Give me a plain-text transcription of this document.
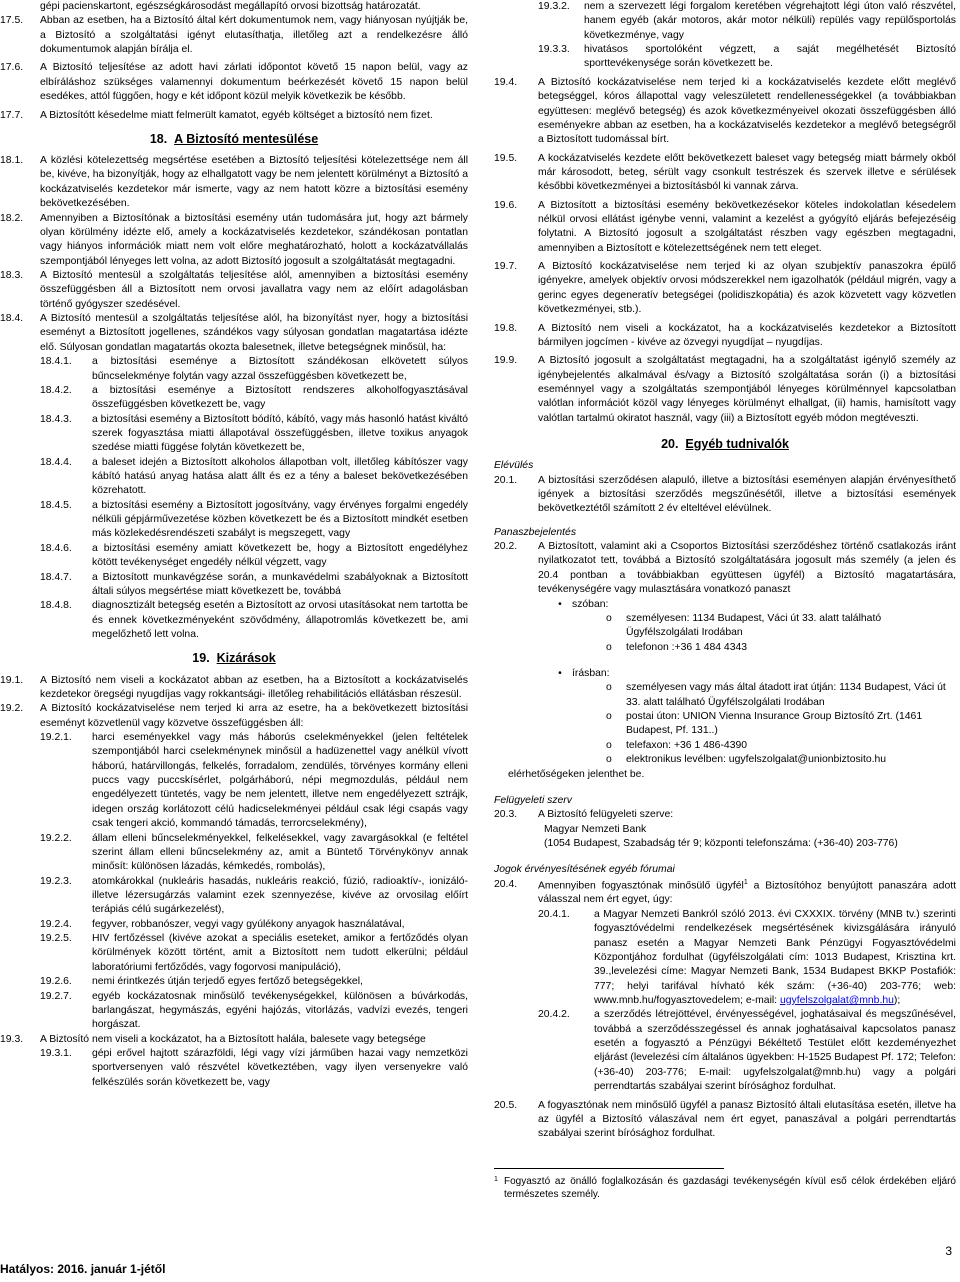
gépi pacienskartont, egészségkárosodást megállapító orvosi bizottság határozatát.
17.5.	Abban az esetben, ha a Biztosító által kért dokumentumok nem, vagy hiányosan nyújtják be, a Biztosító a szolgáltatási igényt elutasíthatja, illetőleg azt a rendelkezésre álló dokumentumok alapján bírálja el.
17.6.	A Biztosító teljesítése az adott havi zárlati időpontot követő 15 napon belül, vagy az elbíráláshoz szükséges valamennyi dokumentum beérkezését követő 15 napon belül esedékes, attól függően, hogy e két időpont közül melyik következik be később.
17.7.	A Biztosítótt késedelme miatt felmerült kamatot, egyéb költséget a biztosító nem fizet.
18. A Biztosító mentesülése
18.1.	A közlési kötelezettség megsértése esetében a Biztosító teljesítési kötelezettsége nem áll be, kivéve, ha bizonyítják, hogy az elhallgatott vagy be nem jelentett körülményt a Biztosító a kockázatviselés kezdetekor már ismerte, vagy az nem hatott közre a biztosítási esemény bekövetkezésében.
18.2.	Amennyiben a Biztosítónak a biztosítási esemény után tudomására jut, hogy azt bármely olyan körülmény idézte elő, amely a kockázatviselés kezdetekor, szándékosan pontatlan vagy hiányos információk miatt nem volt előre meghatározható, holott a kockázatvállalás szempontjából lényeges lett volna, az adott Biztosító jogosult a szolgáltatását megtagadni.
18.3.	A Biztosító mentesül a szolgáltatás teljesítése alól, amennyiben a biztosítási esemény összefüggésben áll a Biztosított nem orvosi javallatra vagy nem az előírt adagolásban történő gyógyszer szedésével.
18.4.	A Biztosító mentesül a szolgáltatás teljesítése alól, ha bizonyítást nyer, hogy a biztosítási eseményt a Biztosított jogellenes, szándékos vagy súlyosan gondatlan magatartása idézte elő. Súlyosan gondatlan magatartás okozta balesetnek, illetve betegségnek minősül, ha:
18.4.1.	a biztosítási eseménye a Biztosított szándékosan elkövetett súlyos bűncselekménye folytán vagy azzal összefüggésben következett be,
18.4.2.	a biztosítási eseménye a Biztosított rendszeres alkoholfogyasztásával összefüggésben következett be, vagy
18.4.3.	a biztosítási esemény a Biztosított bódító, kábító, vagy más hasonló hatást kiváltó szerek fogyasztása miatti állapotával összefüggésben, illetve toxikus anyagok szedése miatti függése folytán következett be,
18.4.4.	a baleset idején a Biztosított alkoholos állapotban volt, illetőleg kábítószer vagy kábító hatású anyag hatása alatt állt és ez a tény a baleset bekövetkezésében közrehatott.
18.4.5.	a biztosítási esemény a Biztosított jogosítvány, vagy érvényes forgalmi engedély nélküli gépjárművezetése közben következett be és a Biztosított mindkét esetben más közlekedésrendészeti szabályt is megszegett, vagy
18.4.6.	a biztosítási esemény amiatt következett be, hogy a Biztosított engedélyhez kötött tevékenységet engedély nélkül végzett, vagy
18.4.7.	a Biztosított munkavégzése során, a munkavédelmi szabályoknak a Biztosított általi súlyos megsértése miatt következett be, továbbá
18.4.8.	diagnosztizált betegség esetén a Biztosított az orvosi utasításokat nem tartotta be és ennek következményeként szövődmény, állapotromlás következett be, ami megelőzhető lett volna.
19. Kizárások
19.1.	A Biztosító nem viseli a kockázatot abban az esetben, ha a Biztosított a kockázatviselés kezdetekor öregségi nyugdíjas vagy rokkantsági- illetőleg rehabilitációs ellátásban részesül.
19.2.	A Biztosító kockázatviselése nem terjed ki arra az esetre, ha a bekövetkezett biztosítási eseményt közvetlenül vagy közvetve összefüggésben áll:
19.2.1.	harci eseményekkel vagy más háborús cselekményekkel (jelen feltételek szempontjából harci cselekménynek minősül a hadüzenettel vagy anélkül vívott háború, határvillongás, felkelés, forradalom, zendülés, törvényes kormány elleni puccs vagy puccskísérlet, polgárháború, népi megmozdulás, például nem engedélyezett tüntetés, vagy be nem jelentett, illetve nem engedélyezett sztrájk, idegen ország korlátozott célú hadicselekményei például csak légi csapás vagy csak tengeri akció, kommandó támadás, terrorcselekmény),
19.2.2.	állam elleni bűncselekményekkel, felkelésekkel, vagy zavargásokkal (e feltétel szerint állam elleni bűncselekmény az, amit a Büntető Törvénykönyv annak minősít: különösen lázadás, kémkedés, rombolás),
19.2.3.	atomkárokkal (nukleáris hasadás, nukleáris reakció, fúzió, radioaktív-, ionizáló- illetve lézersugárzás valamint ezek szennyezése, kivéve az orvosilag előírt terápiás célú sugárkezelést),
19.2.4.	fegyver, robbanószer, vegyi vagy gyúlékony anyagok használatával,
19.2.5.	HIV fertőzéssel (kivéve azokat a speciális eseteket, amikor a fertőződés olyan körülmények között történt, amit a Biztosított nem tudott elkerülni; például laboratóriumi fertőződés, vagy fogorvosi manipuláció),
19.2.6.	nemi érintkezés útján terjedő egyes fertőző betegségekkel,
19.2.7.	egyéb kockázatosnak minősülő tevékenységekkel, különösen a búvárkodás, barlangászat, hegymászás, egyéni hajózás, vitorlázás, vadvízi evezés, tengeri horgászat.
19.3.	A Biztosító nem viseli a kockázatot, ha a Biztosított halála, balesete vagy betegsége
19.3.1.	gépi erővel hajtott szárazföldi, légi vagy vízi járműben hazai vagy nemzetközi sportversenyen való részvétel következtében, vagy ilyen versenyekre való felkészülés során következett be, vagy
19.3.2.	nem a szervezett légi forgalom keretében végrehajtott légi úton való részvétel, hanem egyéb (akár motoros, akár motor nélküli) repülés vagy repülősportolás következménye, vagy
19.3.3.	hivatásos sportolóként végzett, a saját megélhetését Biztosító sporttevékenysége során következett be.
19.4.	A Biztosító kockázatviselése nem terjed ki a kockázatviselés kezdete előtt meglévő betegséggel, kóros állapottal vagy veleszületett rendellenességekkel (a továbbiakban együttesen: meglévő betegség) és azok következményeivel okozati összefüggésben álló eseményekre abban az esetben, ha a kockázatviselés kezdetekor a meglévő betegségről a Biztosított tudomással bírt.
19.5.	A kockázatviselés kezdete előtt bekövetkezett baleset vagy betegség miatt bármely okból már károsodott, beteg, sérült vagy csonkult testrészek és szervek illetve e sérülések későbbi következményei a biztosításból ki vannak zárva.
19.6.	A Biztosított a biztosítási esemény bekövetkezésekor köteles indokolatlan késedelem nélkül orvosi ellátást igénybe venni, valamint a kezelést a gyógyító eljárás befejezéséig folytatni. A Biztosító jogosult a szolgáltatást részben vagy egészben megtagadni, amennyiben a Biztosított e kötelezettségének nem tett eleget.
19.7.	A Biztosító kockázatviselése nem terjed ki az olyan szubjektív panaszokra épülő igényekre, amelyek objektív orvosi módszerekkel nem igazolhatók (például migrén, vagy a gerinc egyes degeneratív betegségei (polidiszkopátia) és azok közvetett vagy közvetlen következményei, stb.).
19.8.	A Biztosító nem viseli a kockázatot, ha a kockázatviselés kezdetekor a Biztosított bármilyen jogcímen - kivéve az özvegyi nyugdíjat – nyugdíjas.
19.9.	A Biztosító jogosult a szolgáltatást megtagadni, ha a szolgáltatást igénylő személy az igénybejelentés alkalmával és/vagy a Biztosító szolgáltatása során (i) a biztosítási eseménnyel vagy a szolgáltatás szempontjából lényeges körülménnyel kapcsolatban valótlan információt közöl vagy lényeges körülményt elhallgat, (ii) hamis, hamisított vagy valótlan tartalmú okiratot használ, vagy (iii) a Biztosított egyéb módon megtéveszti.
20. Egyéb tudnivalók
Elévülés
20.1.	A biztosítási szerződésen alapuló, illetve a biztosítási eseményen alapján érvényesíthető igények a biztosítási szerződés megszűnésétől, illetve a biztosítási események bekövetkeztétől számított 2 év elteltével elévülnek.
Panaszbejelentés
20.2.	A Biztosított, valamint aki a Csoportos Biztosítási szerződéshez történő csatlakozás iránt nyilatkozatot tett, továbbá a Biztosító szolgáltatására jogosult más személy (a jelen és 20.4 pontban a továbbiakban együttesen ügyfél) a Biztosító magatartására, tevékenységére vagy mulasztására vonatkozó panaszt
• szóban:
o	személyesen: 1134 Budapest, Váci út 33. alatt található Ügyfélszolgálati Irodában
o	telefonon :+36 1 484 4343
• írásban:
o	személyesen vagy más által átadott irat útján: 1134 Budapest, Váci út 33. alatt található Ügyfélszolgálati Irodában
o	postai úton: UNION Vienna Insurance Group Biztosító Zrt. (1461 Budapest, Pf. 131..)
o	telefaxon: +36 1 486-4390
o	elektronikus levélben: ugyfelszolgalat@unionbiztosito.hu
elérhetőségeken jelenthet be.
Felügyeleti szerv
20.3.	A Biztosító felügyeleti szerve:
Magyar Nemzeti Bank
(1054 Budapest, Szabadság tér 9; központi telefonszáma: (+36-40) 203-776)
Jogok érvényesítésének egyéb fórumai
20.4.	Amennyiben fogyasztónak minősülő ügyfél$^1$ a Biztosítóhoz benyújtott panaszára adott válasszal nem ért egyet, úgy:
20.4.1.	a Magyar Nemzeti Bankról szóló 2013. évi CXXXIX. törvény (MNB tv.) szerinti fogyasztóvédelmi rendelkezések megsértésének kivizsgálására irányuló panasz esetén a Magyar Nemzeti Bank Pénzügyi Fogyasztóvédelmi Központjához fordulhat (ügyfélszolgálati cím: 1013 Budapest, Krisztina krt. 39.,levelezési címe: Magyar Nemzeti Bank, 1534 Budapest BKKP Postafiók: 777; helyi tarifával hívható kék szám: (+36-40) 203-776; web: www.mnb.hu/fogyasztovedelem; e-mail: ugyfelszolgalat@mnb.hu);
20.4.2.	a szerződés létrejöttével, érvényességével, joghatásaival és megszűnésével, továbbá a szerződésszegéssel és annak joghatásaival kapcsolatos panasz esetén a fogyasztó a Pénzügyi Békéltető Testület előtt kezdeményezhet eljárást (levelezési cím általános ügyekben: H-1525 Budapest Pf. 172; Telefon: (+36-40) 203-776; E-mail: ugyfelszolgalat@mnb.hu) vagy a polgári perrendtartás szabályai szerint bírósághoz fordulhat.
20.5.	A fogyasztónak nem minősülő ügyfél a panasz Biztosító általi elutasítása esetén, illetve ha az ügyfél a Biztosító válaszával nem ért egyet, panaszával a polgári perrendtartás szabályai szerint bírósághoz fordulhat.
1 Fogyasztó az önálló foglalkozásán és gazdasági tevékenységén kívül eső célok érdekében eljáró természetes személy.
Hatályos: 2016. január 1-jétől
3
